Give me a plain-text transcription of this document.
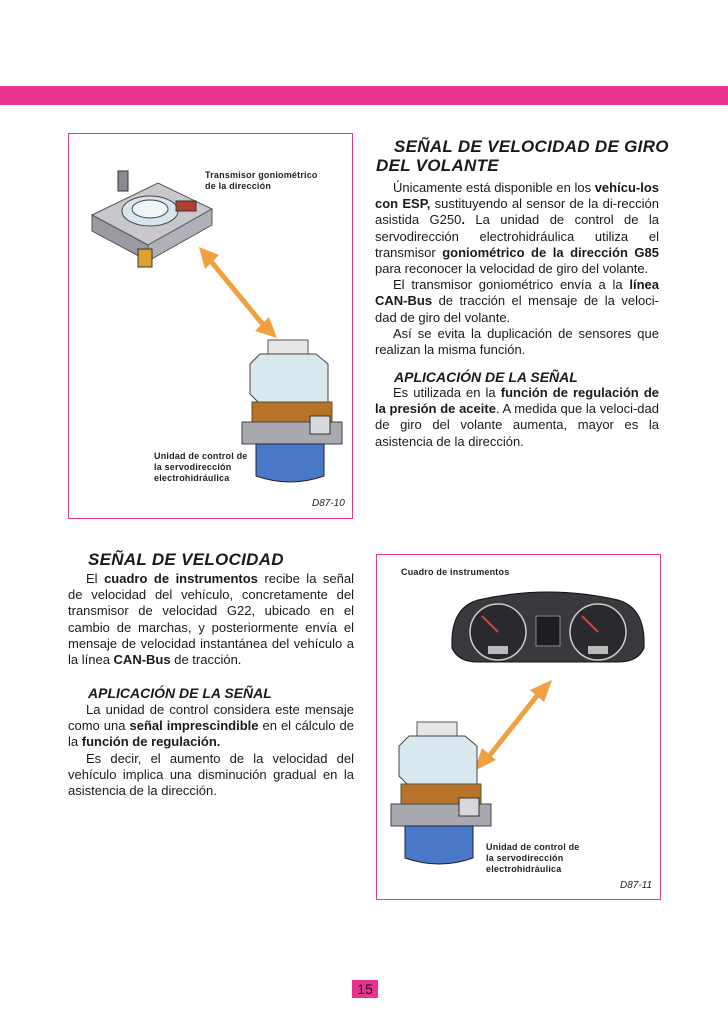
Transmisor goniométrico
de la dirección
Unidad de control de
la servodirección
electrohidráulica
D87-10
SEÑAL DE VELOCIDAD DE GIRO
DEL VOLANTE

Únicamente está disponible en los vehícu-los con ESP, sustituyendo al sensor de la di-rección asistida G250. La unidad de control de la servodirección electrohidráulica utiliza el transmisor goniométrico de la dirección G85 para reconocer la velocidad de giro del volante.

El transmisor goniométrico envía a la línea CAN-Bus de tracción el mensaje de la veloci-dad de giro del volante.

Así se evita la duplicación de sensores que realizan la misma función.

APLICACIÓN DE LA SEÑAL

Es utilizada en la función de regulación de la presión de aceite. A medida que la veloci-dad de giro del volante aumenta, mayor es la asistencia de la dirección.

SEÑAL DE VELOCIDAD

El cuadro de instrumentos recibe la señal de velocidad del vehículo, concretamente del transmisor de velocidad G22, ubicado en el cambio de marchas, y posteriormente envía el mensaje de velocidad instantánea del vehículo a la línea CAN-Bus de tracción.

APLICACIÓN DE LA SEÑAL

La unidad de control considera este mensaje como una señal imprescindible en el cálculo de la función de regulación.

Es decir, el aumento de la velocidad del vehículo implica una disminución gradual en la asistencia de la dirección.

Cuadro de instrumentos
Unidad de control de
la servodirección
electrohidráulica
D87-11
15
